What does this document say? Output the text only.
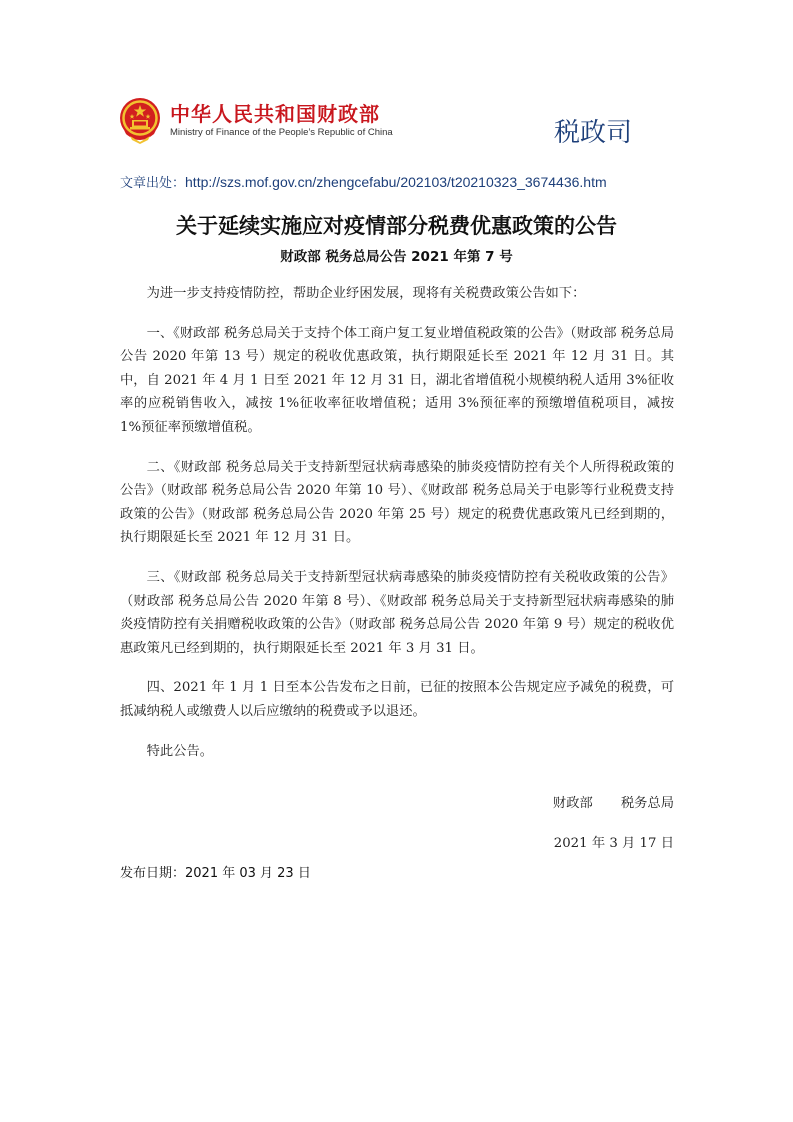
中华人民共和国财政部
Ministry of Finance of the People’s Republic of China	税政司
文章出处：http://szs.mof.gov.cn/zhengcefabu/202103/t20210323_3674436.htm
关于延续实施应对疫情部分税费优惠政策的公告
财政部 税务总局公告 2021 年第 7 号

为进一步支持疫情防控，帮助企业纾困发展，现将有关税费政策公告如下：

一、《财政部 税务总局关于支持个体工商户复工复业增值税政策的公告》（财政部 税务总局公告 2020 年第 13 号）规定的税收优惠政策，执行期限延长至 2021 年 12 月 31 日。其中，自 2021 年 4 月 1 日至 2021 年 12 月 31 日，湖北省增值税小规模纳税人适用 3%征收率的应税销售收入，减按 1%征收率征收增值税；适用 3%预征率的预缴增值税项目，减按 1%预征率预缴增值税。

二、《财政部 税务总局关于支持新型冠状病毒感染的肺炎疫情防控有关个人所得税政策的公告》（财政部 税务总局公告 2020 年第 10 号）、《财政部 税务总局关于电影等行业税费支持政策的公告》（财政部 税务总局公告 2020 年第 25 号）规定的税费优惠政策凡已经到期的，执行期限延长至 2021 年 12 月 31 日。

三、《财政部 税务总局关于支持新型冠状病毒感染的肺炎疫情防控有关税收政策的公告》（财政部 税务总局公告 2020 年第 8 号）、《财政部 税务总局关于支持新型冠状病毒感染的肺炎疫情防控有关捐赠税收政策的公告》（财政部 税务总局公告 2020 年第 9 号）规定的税收优惠政策凡已经到期的，执行期限延长至 2021 年 3 月 31 日。

四、2021 年 1 月 1 日至本公告发布之日前，已征的按照本公告规定应予减免的税费，可抵减纳税人或缴费人以后应缴纳的税费或予以退还。

特此公告。

财政部 税务总局
2021 年 3 月 17 日
发布日期：2021 年 03 月 23 日
